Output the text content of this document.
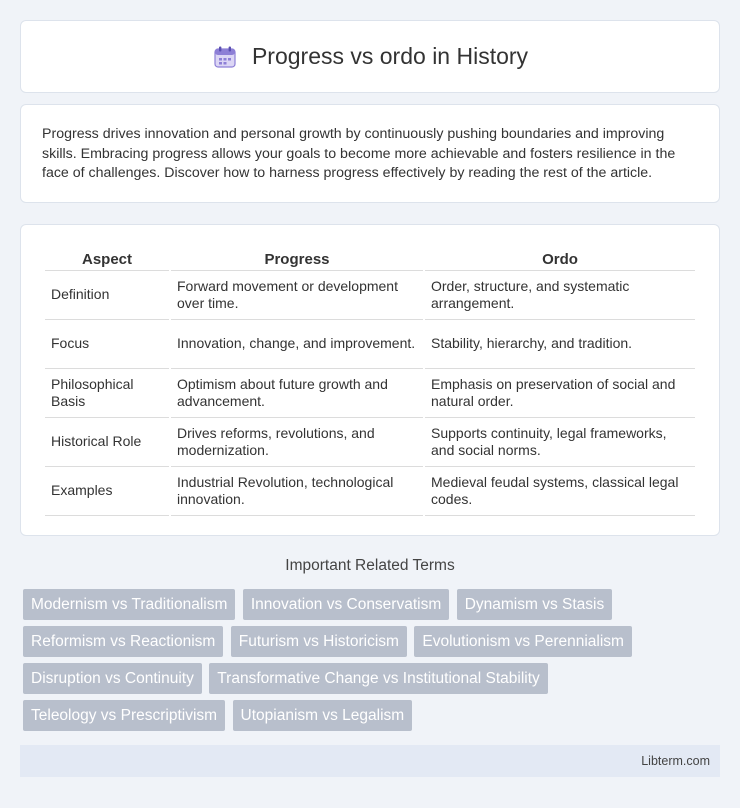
Progress vs ordo in History

Progress drives innovation and personal growth by continuously pushing boundaries and improving skills. Embracing progress allows your goals to become more achievable and fosters resilience in the face of challenges. Discover how to harness progress effectively by reading the rest of the article.

Aspect	Progress	Ordo
Definition	Forward movement or development over time.	Order, structure, and systematic arrangement.
Focus	Innovation, change, and improvement.	Stability, hierarchy, and tradition.
Philosophical Basis	Optimism about future growth and advancement.	Emphasis on preservation of social and natural order.
Historical Role	Drives reforms, revolutions, and modernization.	Supports continuity, legal frameworks, and social norms.
Examples	Industrial Revolution, technological innovation.	Medieval feudal systems, classical legal codes.
Important Related Terms
Modernism vs Traditionalism Innovation vs Conservatism Dynamism vs Stasis Reformism vs Reactionism Futurism vs Historicism Evolutionism vs Perennialism Disruption vs Continuity Transformative Change vs Institutional Stability Teleology vs Prescriptivism Utopianism vs Legalism
Libterm.com
